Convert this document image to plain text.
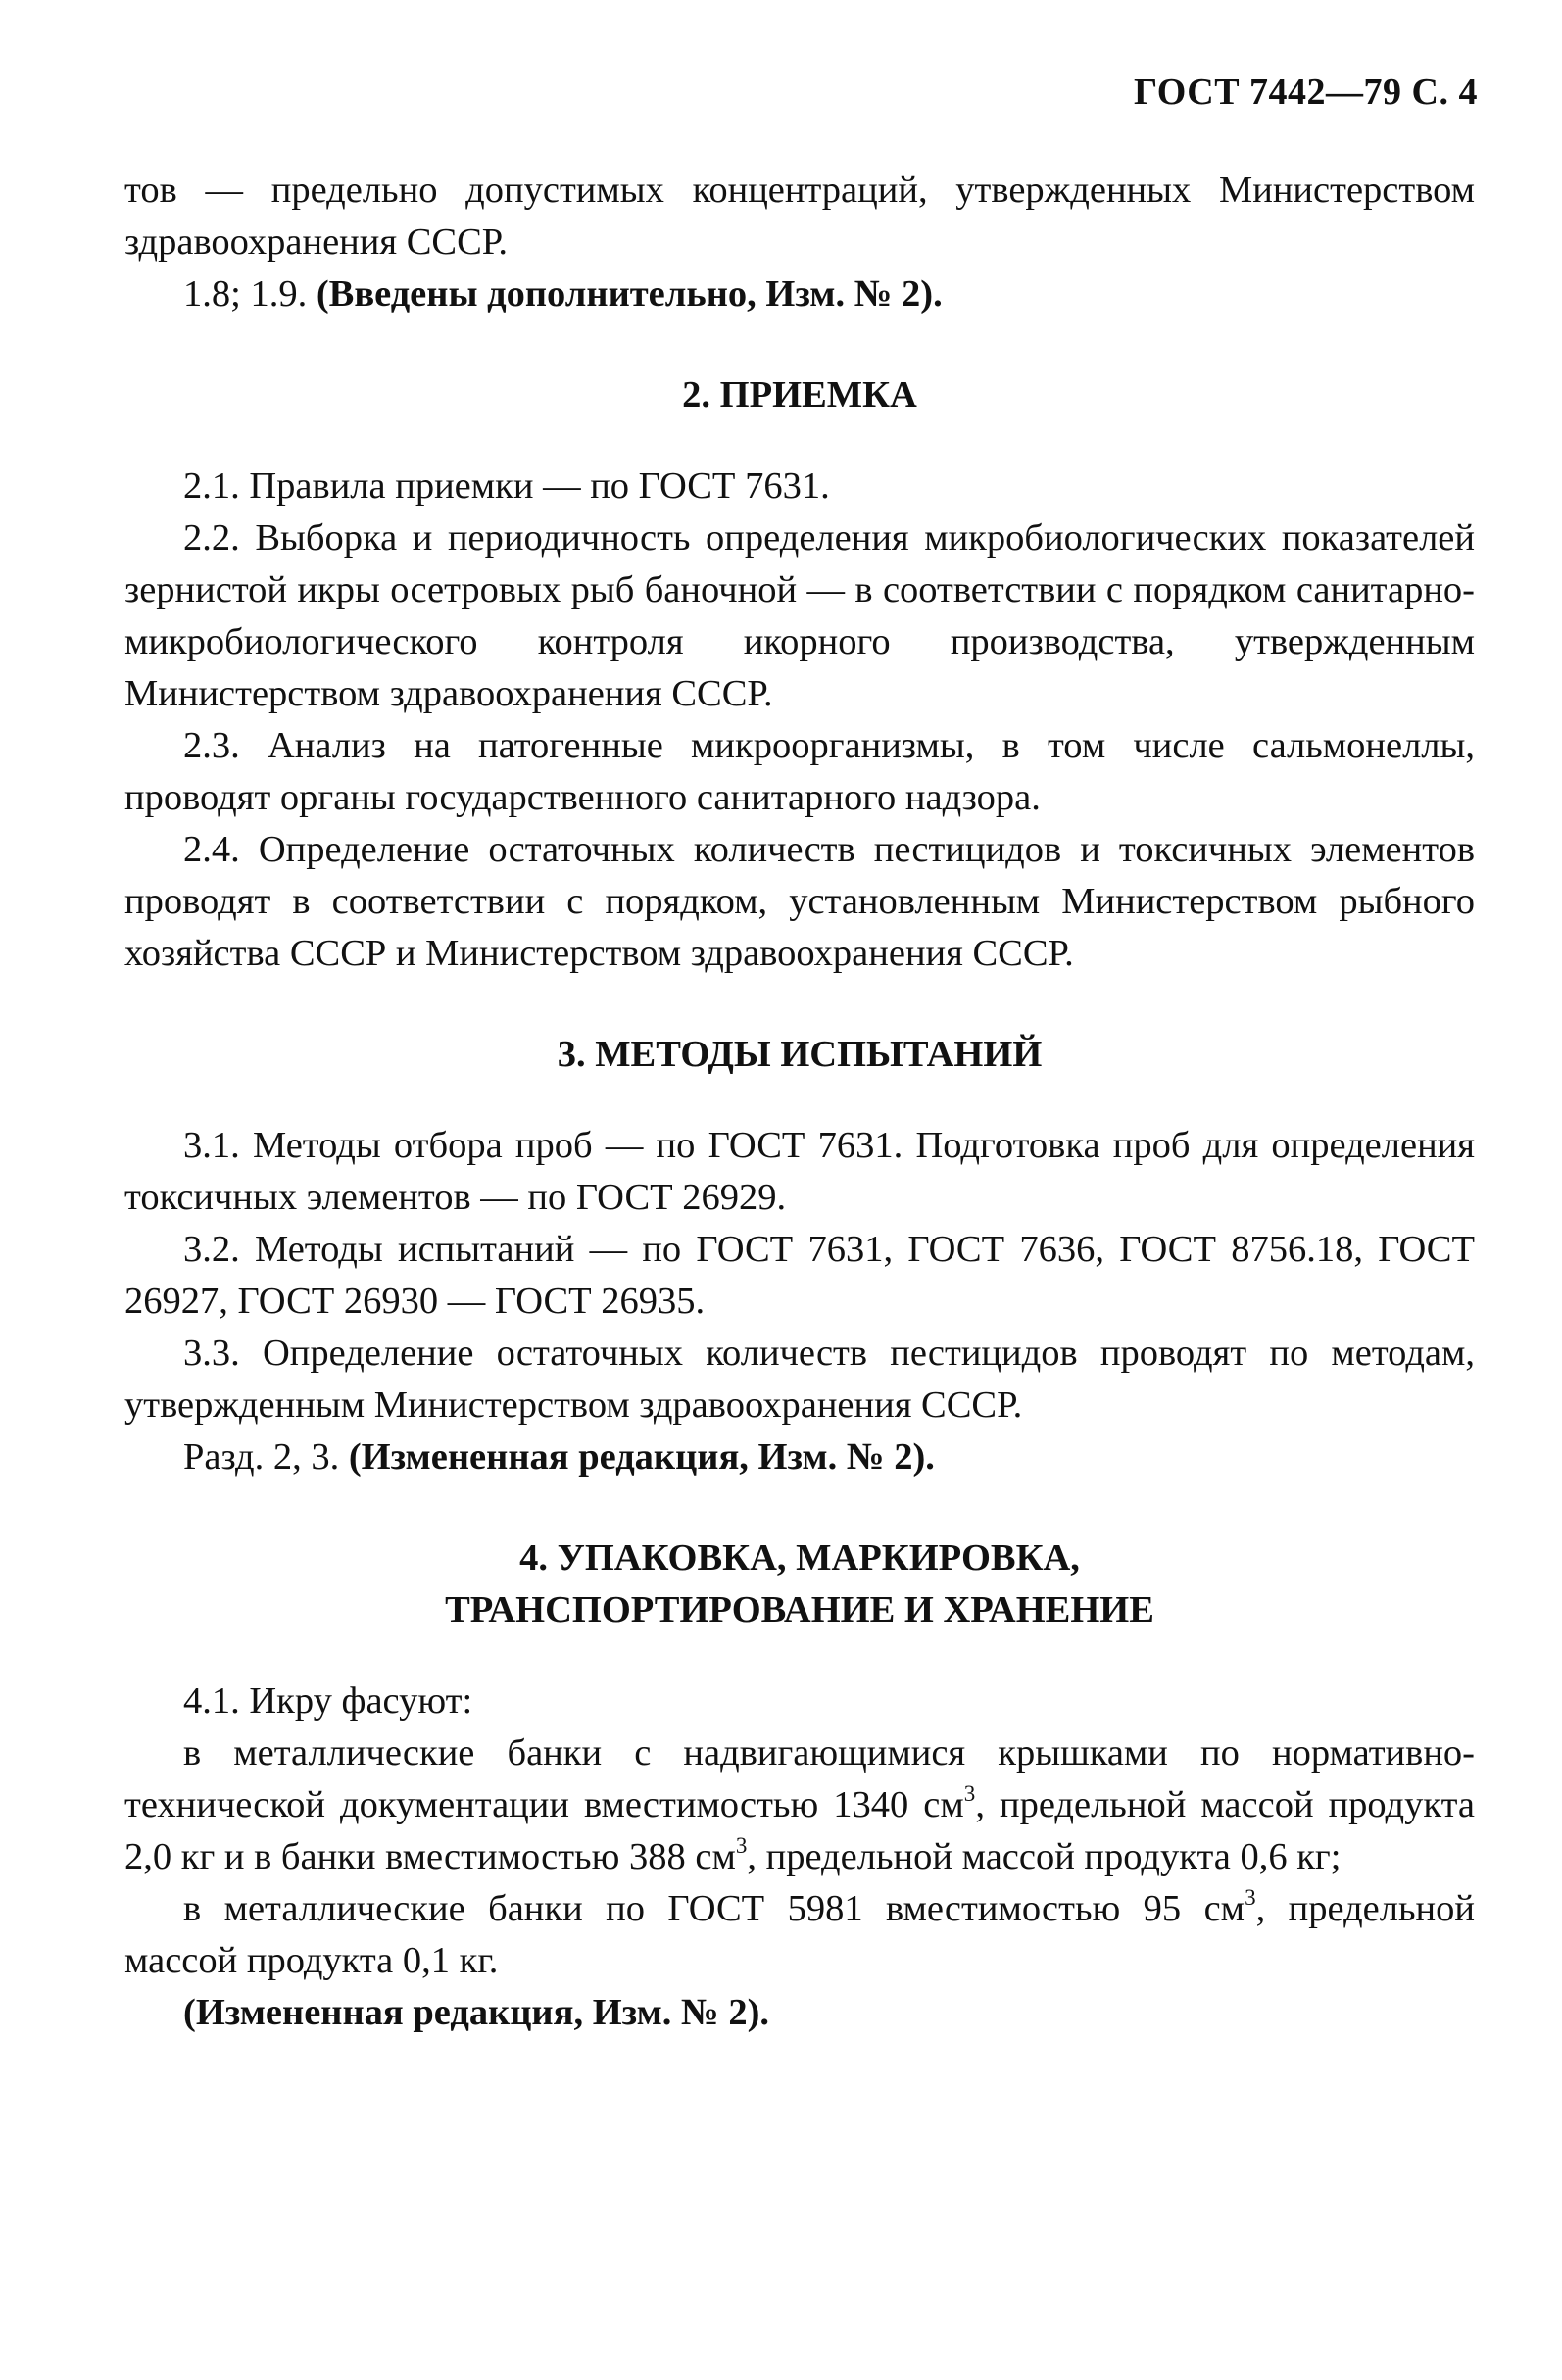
ГОСТ 7442—79 С. 4

тов — предельно допустимых концентраций, утвержденных Министерством здравоохранения СССР.

1.8; 1.9. (Введены дополнительно, Изм. № 2).

2. ПРИЕМКА

2.1. Правила приемки — по ГОСТ 7631.

2.2. Выборка и периодичность определения микробиологических показателей зернистой икры осетровых рыб баночной — в соответствии с порядком санитарно-микробиологического контроля икорного производства, утвержденным Министерством здравоохранения СССР.

2.3. Анализ на патогенные микроорганизмы, в том числе сальмонеллы, проводят органы государственного санитарного надзора.

2.4. Определение остаточных количеств пестицидов и токсичных элементов проводят в соответствии с порядком, установленным Министерством рыбного хозяйства СССР и Министерством здравоохранения СССР.

3. МЕТОДЫ ИСПЫТАНИЙ

3.1. Методы отбора проб — по ГОСТ 7631. Подготовка проб для определения токсичных элементов — по ГОСТ 26929.

3.2. Методы испытаний — по ГОСТ 7631, ГОСТ 7636, ГОСТ 8756.18, ГОСТ 26927, ГОСТ 26930 — ГОСТ 26935.

3.3. Определение остаточных количеств пестицидов проводят по методам, утвержденным Министерством здравоохранения СССР.

Разд. 2, 3. (Измененная редакция, Изм. № 2).

4. УПАКОВКА, МАРКИРОВКА,

ТРАНСПОРТИРОВАНИЕ И ХРАНЕНИЕ

4.1. Икру фасуют:

в металлические банки с надвигающимися крышками по нормативно-технической документации вместимостью 1340 $см^3$, предельной массой продукта 2,0 кг и в банки вместимостью 388 $см^3$, предельной массой продукта 0,6 кг;

в металлические банки по ГОСТ 5981 вместимостью 95 $см^3$, предельной массой продукта 0,1 кг.

(Измененная редакция, Изм. № 2).
